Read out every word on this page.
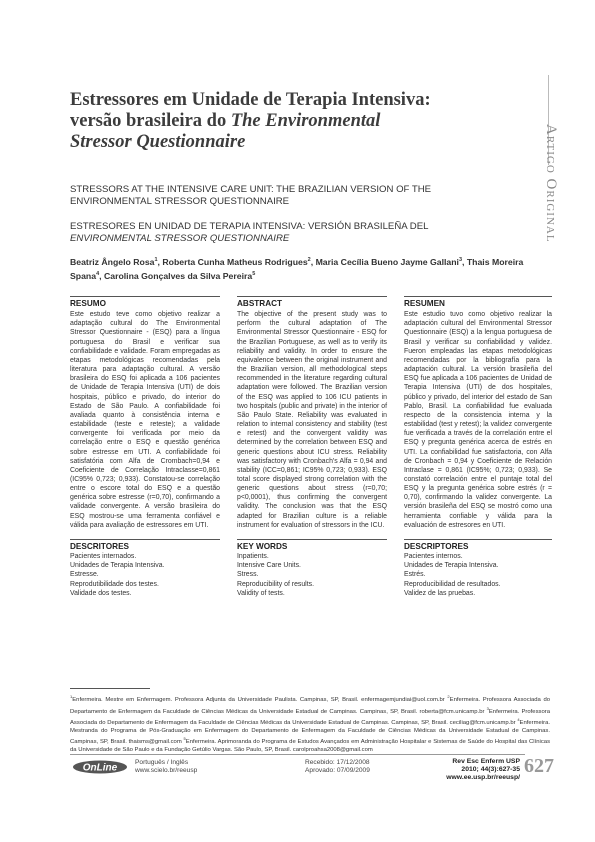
Estressores em Unidade de Terapia Intensiva:
versão brasileira do The Environmental
Stressor Questionnaire	Artigo Original
STRESSORS AT THE INTENSIVE CARE UNIT: THE BRAZILIAN VERSION OF THE
ENVIRONMENTAL STRESSOR QUESTIONNAIRE
ESTRESORES EN UNIDAD DE TERAPIA INTENSIVA: VERSIÓN BRASILEÑA DEL
ENVIRONMENTAL STRESSOR QUESTIONNAIRE
Beatriz Ângelo Rosa$^1$, Roberta Cunha Matheus Rodrigues$^2$, Maria Cecília Bueno Jayme Gallani$^3$, Thais Moreira Spana$^4$, Carolina Gonçalves da Silva Pereira$^5$
RESUMO

Este estudo teve como objetivo realizar a adaptação cultural do The Environmental Stressor Questionnaire - (ESQ) para a língua portuguesa do Brasil e verificar sua confiabilidade e validade. Foram empregadas as etapas metodológicas recomendadas pela literatura para adaptação cultural. A versão brasileira do ESQ foi aplicada a 106 pacientes de Unidade de Terapia Intensiva (UTI) de dois hospitais, público e privado, do interior do Estado de São Paulo. A confiabilidade foi avaliada quanto à consistência interna e estabilidade (teste e reteste); a validade convergente foi verificada por meio da correlação entre o ESQ e questão genérica sobre estresse em UTI. A confiabilidade foi satisfatória com Alfa de Crombach=0,94 e Coeficiente de Correlação Intraclasse=0,861 (IC95% 0,723; 0,933). Constatou-se correlação entre o escore total do ESQ e a questão genérica sobre estresse (r=0,70), confirmando a validade convergente. A versão brasileira do ESQ mostrou-se uma ferramenta confiável e válida para avaliação de estressores em UTI.

DESCRITORES
Pacientes internados.
Unidades de Terapia Intensiva.
Estresse.
Reprodutibilidade dos testes.
Validade dos testes.
ABSTRACT

The objective of the present study was to perform the cultural adaptation of The Environmental Stressor Questionnaire - ESQ for the Brazilian Portuguese, as well as to verify its reliability and validity. In order to ensure the equivalence between the original instrument and the Brazilian version, all methodological steps recommended in the literature regarding cultural adaptation were followed. The Brazilian version of the ESQ was applied to 106 ICU patients in two hospitals (public and private) in the interior of São Paulo State. Reliability was evaluated in relation to internal consistency and stability (test e retest) and the convergent validity was determined by the correlation between ESQ and generic questions about ICU stress. Reliability was satisfactory with Cronbach's Alfa = 0,94 and stability (ICC=0,861; IC95% 0,723; 0,933). ESQ total score displayed strong correlation with the generic questions about stress (r=0,70; p<0,0001), thus confirming the convergent validity. The conclusion was that the ESQ adapted for Brazilian culture is a reliable instrument for evaluation of stressors in the ICU.

KEY WORDS
Inpatients.
Intensive Care Units.
Stress.
Reproducibility of results.
Validity of tests.
RESUMEN

Este estudio tuvo como objetivo realizar la adaptación cultural del Environmental Stressor Questionnaire (ESQ) a la lengua portuguesa de Brasil y verificar su confiabilidad y validez. Fueron empleadas las etapas metodológicas recomendadas por la bibliografía para la adaptación cultural. La versión brasileña del ESQ fue aplicada a 106 pacientes de Unidad de Terapia Intensiva (UTI) de dos hospitales, público y privado, del interior del estado de San Pablo, Brasil. La confiabilidad fue evaluada respecto de la consistencia interna y la estabilidad (test y retest); la validez convergente fue verificada a través de la correlación entre el ESQ y pregunta genérica acerca de estrés en UTI. La confiabilidad fue satisfactoria, con Alfa de Cronbach = 0,94 y Coeficiente de Relación Intraclase = 0,861 (IC95%; 0,723; 0,933). Se constató correlación entre el puntaje total del ESQ y la pregunta genérica sobre estrés (r = 0,70), confirmando la validez convergente. La versión brasileña del ESQ se mostró como una herramienta confiable y válida para la evaluación de estresores en UTI.

DESCRIPTORES
Pacientes internos.
Unidades de Terapia Intensiva.
Estrés.
Reproducibilidad de resultados.
Validez de las pruebas.
$^1$Enfermeira. Mestre em Enfermagem. Professora Adjunta da Universidade Paulista. Campinas, SP, Brasil. enfermagemjundiai@uol.com.br $^2$Enfermeira. Professora Associada do Departamento de Enfermagem da Faculdade de Ciências Médicas da Universidade Estadual de Campinas. Campinas, SP, Brasil. roberta@fcm.unicamp.br $^3$Enfermeira. Professora Associada do Departamento de Enfermagem da Faculdade de Ciências Médicas da Universidade Estadual de Campinas. Campinas, SP, Brasil. ceciliag@fcm.unicamp.br $^4$Enfermeira. Mestranda do Programa de Pós-Graduação em Enfermagem do Departamento de Enfermagem da Faculdade de Ciências Médicas da Universidade Estadual de Campinas. Campinas, SP, Brasil. thaisms@gmail.com $^5$Enfermeira. Aprimoranda do Programa de Estudos Avançados em Administração Hospitalar e Sistemas de Saúde do Hospital das Clínicas da Universidade de São Paulo e da Fundação Getúlio Vargas. São Paulo, SP, Brasil. carolproahsa2008@gmail.com
OnLine	Português / Inglês
www.scielo.br/reeusp
Recebido: 17/12/2008
Aprovado: 07/09/2009
Rev Esc Enferm USP
2010; 44(3):627-35
www.ee.usp.br/reeusp/
627
